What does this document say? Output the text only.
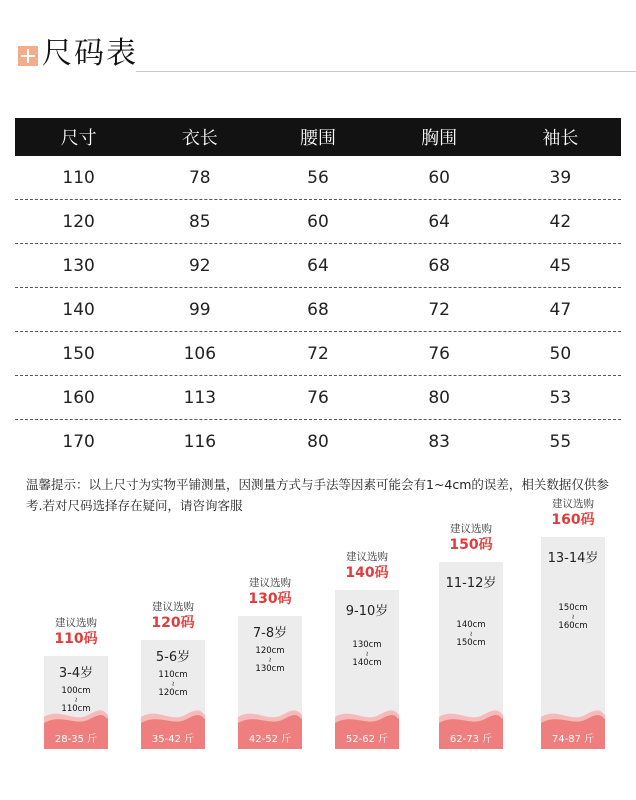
尺码表
尺寸	衣长	腰围	胸围	袖长
110	78	56	60	39
120	85	60	64	42
130	92	64	68	45
140	99	68	72	47
150	106	72	76	50
160	113	76	80	53
170	116	80	83	55
温馨提示：以上尺寸为实物平铺测量，因测量方式与手法等因素可能会有1~4cm的误差，相关数据仅供参考.若对尺码选择存在疑问，请咨询客服
建议选购
110码
3-4岁
100cm
≀
110cm
28-35 斤
建议选购
120码
5-6岁
110cm
≀
120cm
35-42 斤
建议选购
130码
7-8岁
120cm
≀
130cm
42-52 斤
建议选购
140码
9-10岁
130cm
≀
140cm
52-62 斤
建议选购
150码
11-12岁
140cm
≀
150cm
62-73 斤
建议选购
160码
13-14岁
150cm
≀
160cm
74-87 斤
